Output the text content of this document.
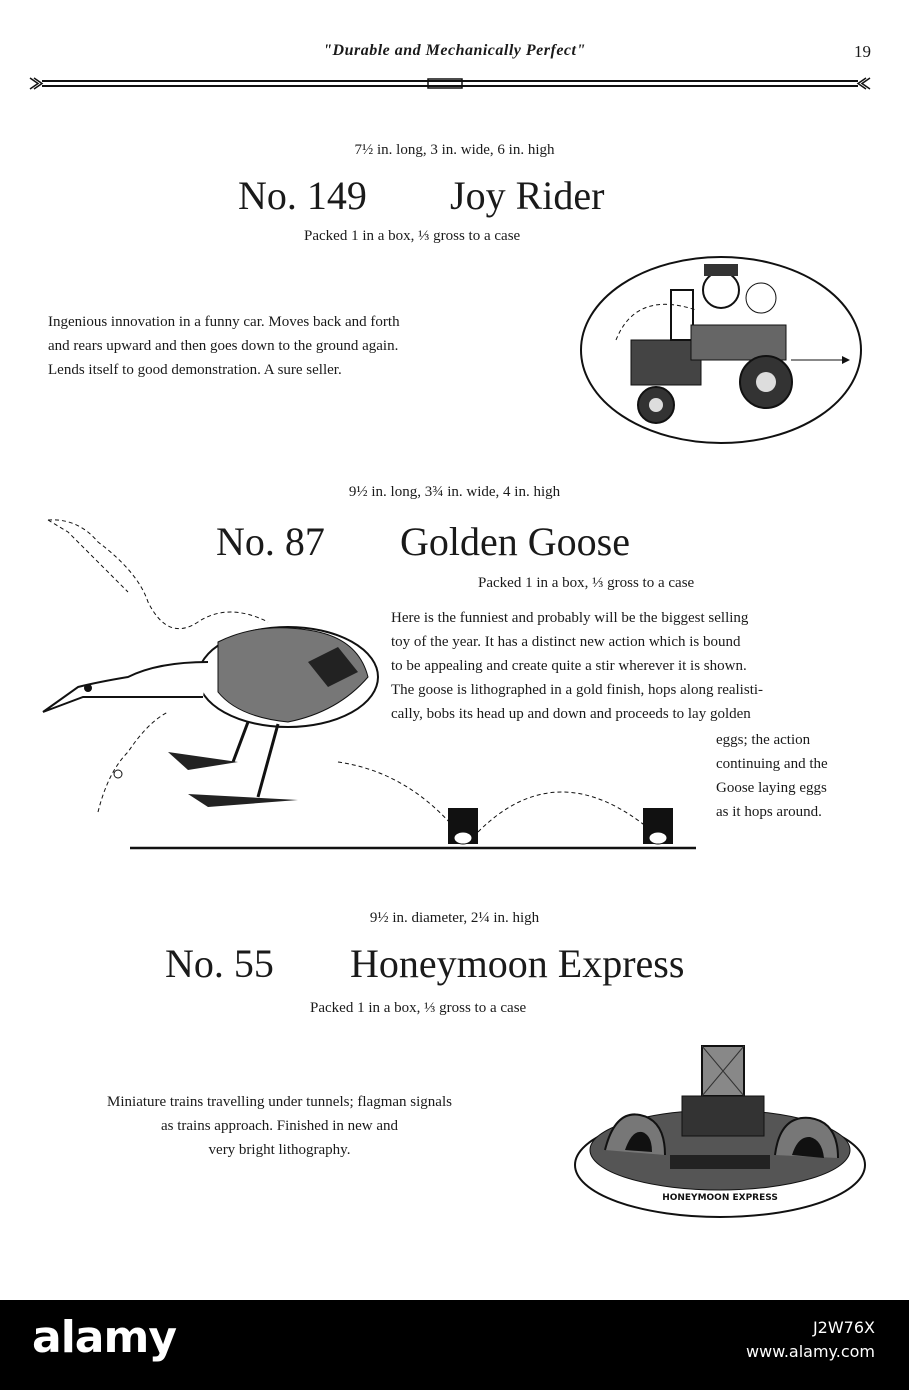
"Durable and Mechanically Perfect"	19
7½ in. long, 3 in. wide, 6 in. high
No. 149 Joy Rider
Packed 1 in a box, ⅓ gross to a case
Ingenious innovation in a funny car. Moves back and forth
and rears upward and then goes down to the ground again.
Lends itself to good demonstration. A sure seller.
9½ in. long, 3¾ in. wide, 4 in. high
No. 87 Golden Goose
Packed 1 in a box, ⅓ gross to a case
Here is the funniest and probably will be the biggest selling
toy of the year. It has a distinct new action which is bound
to be appealing and create quite a stir wherever it is shown.
The goose is lithographed in a gold finish, hops along realisti-
cally, bobs its head up and down and proceeds to lay golden
eggs; the action
continuing and the
Goose laying eggs
as it hops around.
9½ in. diameter, 2¼ in. high
No. 55 Honeymoon Express
Packed 1 in a box, ⅓ gross to a case
Miniature trains travelling under tunnels; flagman signals
as trains approach. Finished in new and
very bright lithography.
HONEYMOON EXPRESS
alamy	J2W76X
www.alamy.com
